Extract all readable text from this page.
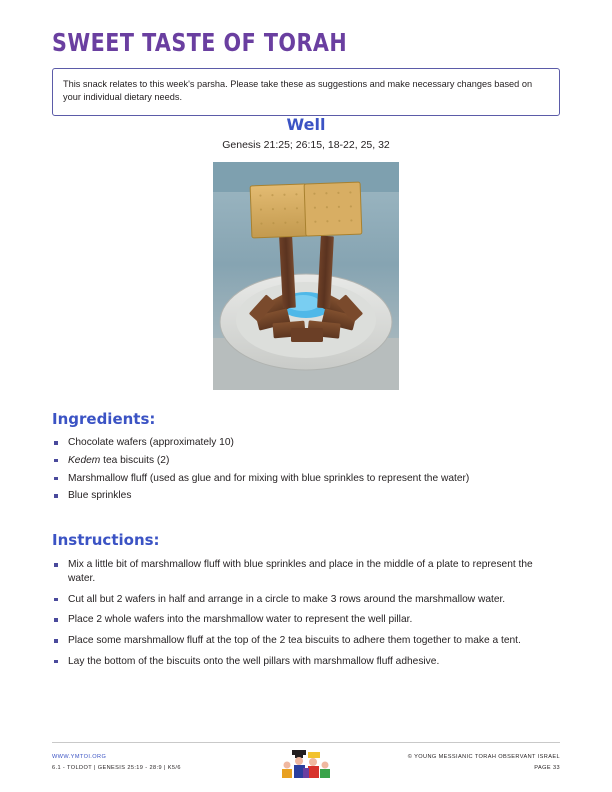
SWEET TASTE OF TORAH
This snack relates to this week's parsha. Please take these as suggestions and make necessary changes based on your individual dietary needs.
Well
Genesis 21:25; 26:15, 18-22, 25, 32
Ingredients:
Chocolate wafers (approximately 10)
Kedem tea biscuits (2)
Marshmallow fluff (used as glue and for mixing with blue sprinkles to represent the water)
Blue sprinkles
Instructions:
Mix a little bit of marshmallow fluff with blue sprinkles and place in the middle of a plate to represent the water.
Cut all but 2 wafers in half and arrange in a circle to make 3 rows around the marshmallow water.
Place 2 whole wafers into the marshmallow water to represent the well pillar.
Place some marshmallow fluff at the top of the 2 tea biscuits to adhere them together to make a tent.
Lay the bottom of the biscuits onto the well pillars with marshmallow fluff adhesive.
WWW.YMTOI.ORG
6.1 - TOLDOT | GENESIS 25:19 - 28:9 | K5/6
© YOUNG MESSIANIC TORAH OBSERVANT ISRAEL
PAGE 33
